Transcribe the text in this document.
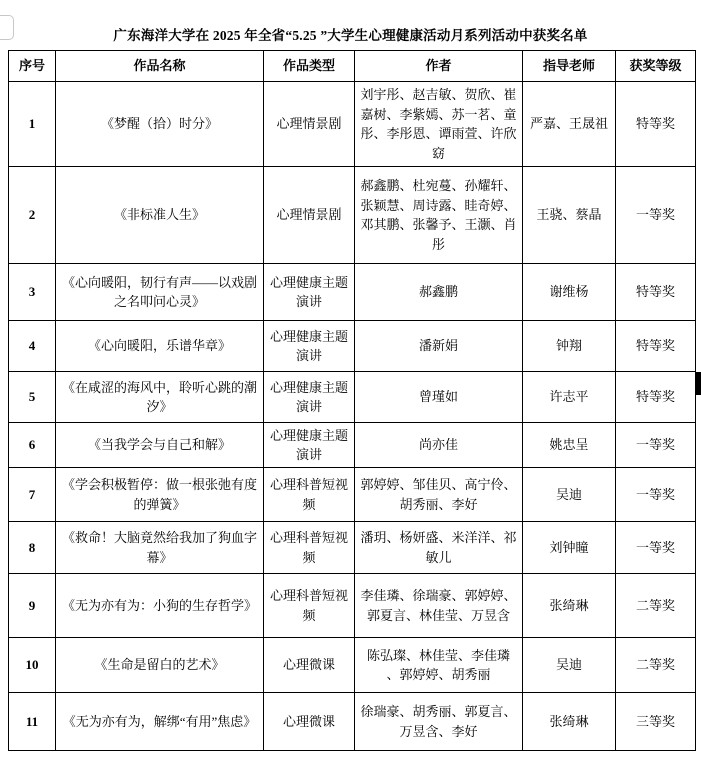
广东海洋大学在 2025 年全省“5.25 ”大学生心理健康活动月系列活动中获奖名单
序号	作品名称	作品类型	作者	指导老师	获奖等级
1	《梦醒（拾）时分》	心理情景剧	刘宇彤、赵吉敏、贺欣、崔嘉树、李紫嫣、苏一茗、童彤、李彤恩、谭雨萱、许欣窈	严嘉、王晟祖	特等奖
2	《非标准人生》	心理情景剧	郝鑫鹏、杜宛蔓、孙耀轩、张颖慧、周诗露、眭奇婷、邓其鹏、张馨予、王灏、肖彤	王骁、蔡晶	一等奖
3	《心向暖阳，韧行有声——以戏剧之名叩问心灵》	心理健康主题演讲	郝鑫鹏	谢维杨	特等奖
4	《心向暖阳，乐谱华章》	心理健康主题演讲	潘新娟	钟翔	特等奖
5	《在咸涩的海风中，聆听心跳的潮汐》	心理健康主题演讲	曾瑾如	许志平	特等奖
6	《当我学会与自己和解》	心理健康主题演讲	尚亦佳	姚忠呈	一等奖
7	《学会积极暂停：做一根张弛有度的弹簧》	心理科普短视频	郭婷婷、邹佳贝、高宁伶、胡秀丽、李好	吴迪	一等奖
8	《救命！大脑竟然给我加了狗血字幕》	心理科普短视频	潘玥、杨妍盛、米洋洋、祁敏儿	刘钟瞳	一等奖
9	《无为亦有为：小狗的生存哲学》	心理科普短视频	李佳璘、徐瑞豪、郭婷婷、郭夏言、林佳莹、万昱含	张绮琳	二等奖
10	《生命是留白的艺术》	心理微课	陈弘璨、林佳莹、李佳璘 、郭婷婷、胡秀丽	吴迪	二等奖
11	《无为亦有为，解绑“有用”焦虑》	心理微课	徐瑞豪、胡秀丽、郭夏言、万昱含、李好	张绮琳	三等奖
